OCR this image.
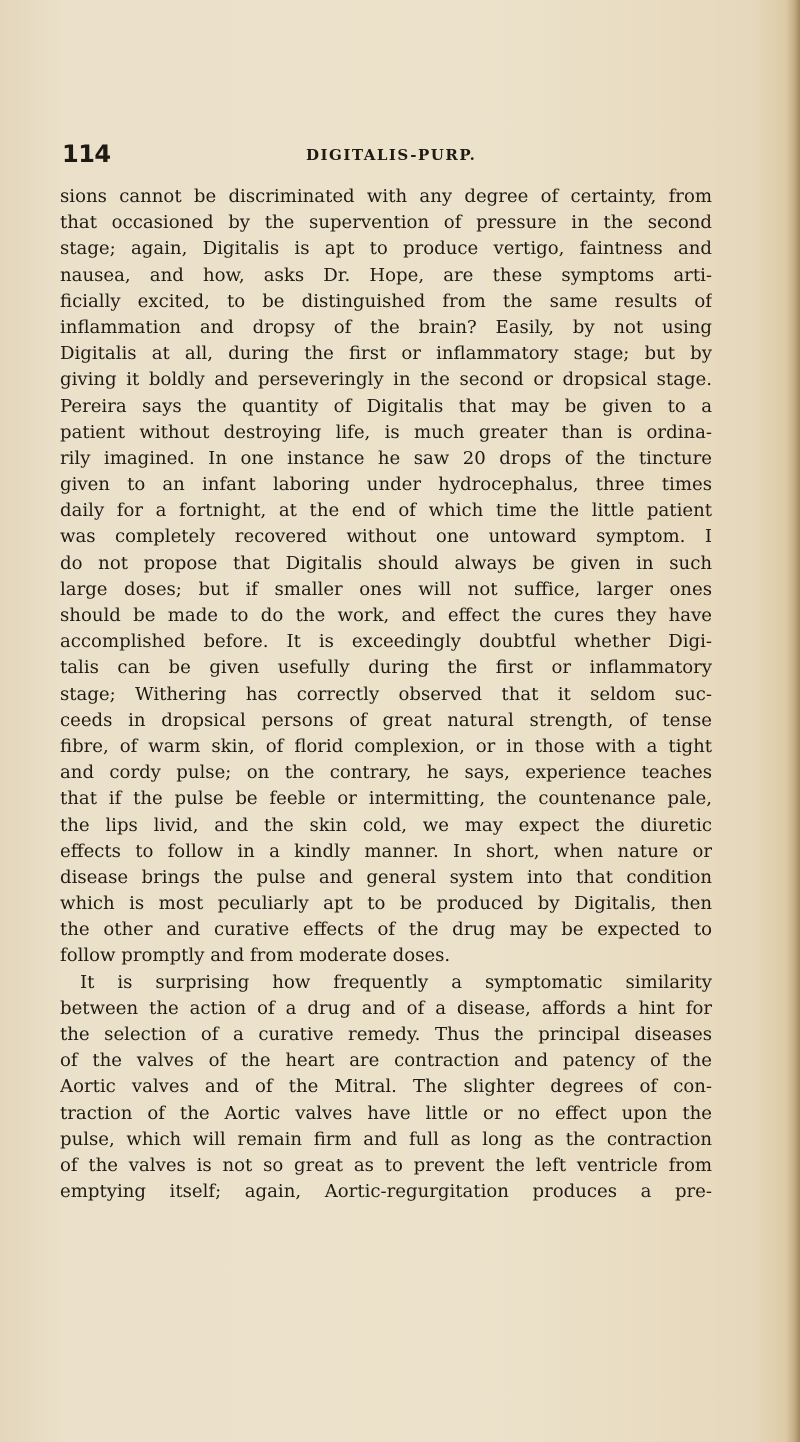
114	DIGITALIS-PURP.
sions cannot be discriminated with any degree of certainty, from
that occasioned by the supervention of pressure in the second
stage; again, Digitalis is apt to produce vertigo, faintness and
nausea, and how, asks Dr. Hope, are these symptoms arti-
ficially excited, to be distinguished from the same results of
inflammation and dropsy of the brain? Easily, by not using
Digitalis at all, during the first or inflammatory stage; but by
giving it boldly and perseveringly in the second or dropsical stage.
Pereira says the quantity of Digitalis that may be given to a
patient without destroying life, is much greater than is ordina-
rily imagined. In one instance he saw 20 drops of the tincture
given to an infant laboring under hydrocephalus, three times
daily for a fortnight, at the end of which time the little patient
was completely recovered without one untoward symptom. I
do not propose that Digitalis should always be given in such
large doses; but if smaller ones will not suffice, larger ones
should be made to do the work, and effect the cures they have
accomplished before. It is exceedingly doubtful whether Digi-
talis can be given usefully during the first or inflammatory
stage; Withering has correctly observed that it seldom suc-
ceeds in dropsical persons of great natural strength, of tense
fibre, of warm skin, of florid complexion, or in those with a tight
and cordy pulse; on the contrary, he says, experience teaches
that if the pulse be feeble or intermitting, the countenance pale,
the lips livid, and the skin cold, we may expect the diuretic
effects to follow in a kindly manner. In short, when nature or
disease brings the pulse and general system into that condition
which is most peculiarly apt to be produced by Digitalis, then
the other and curative effects of the drug may be expected to
follow promptly and from moderate doses.
It is surprising how frequently a symptomatic similarity
between the action of a drug and of a disease, affords a hint for
the selection of a curative remedy. Thus the principal diseases
of the valves of the heart are contraction and patency of the
Aortic valves and of the Mitral. The slighter degrees of con-
traction of the Aortic valves have little or no effect upon the
pulse, which will remain firm and full as long as the contraction
of the valves is not so great as to prevent the left ventricle from
emptying itself; again, Aortic-regurgitation produces a pre-
